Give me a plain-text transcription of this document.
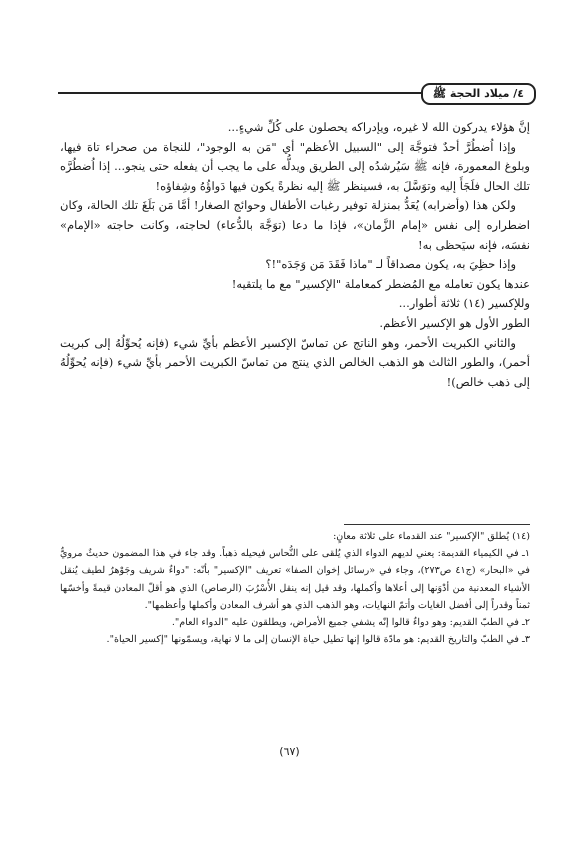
٤/ ميلاد الحجة ﷺ

إنَّ هؤلاء يدركون الله لا غيره، ويإدراكه يحصلون على كُلِّ شيءٍ...

وإذا اُضطُرَّ أحدٌ فتوجَّهَ إلى "السبيل الأعظم" أي "مَن به الوجود"، للنجاة من صحراء تاهَ فيها، وبلوغ المعمورة، فإنه ﷺ سَيُرشدُه إلى الطريق ويدلُّه على ما يجب أن يفعله حتى ينجو... إذا اُضطُرَّه تلك الحال فلَجَأَ إليه وتوَسَّلَ به، فسينظر ﷺ إليه نظرةً يكون فيها دَواؤُهُ وشِفاؤه!

ولكن هذا (وأضرابه) يُعَدُّ بمنزلة توفير رغبات الأطفال وحوائج الصغار! أمَّا مَن بَلَغَ تلك الحالة، وكان اضطراره إلى نفس «إمام الزَّمان»، فإذا ما دعا (توَجَّهَ بالدُّعاء) لحاجته، وكانت حاجته «الإمام» نفسَه، فإنه سيَحظى به!

وإذا حظِيَ به، يكون مصداقاً لـ "ماذا فَقَدَ مَن وَجَدَه"!؟

عندها يكون تعامله مع المُضطر كمعاملة "الإكسير" مع ما يلتقيه!

وللإكسير (١٤) ثلاثة أطوار...

الطور الأول هو الإكسير الأعظم.

والثاني الكبريت الأحمر، وهو الناتج عن تماسّ الإكسير الأعظم بأيِّ شيء (فإنه يُحوِّلُهُ إلى كبريت أحمر)، والطور الثالث هو الذهب الخالص الذي ينتج من تماسّ الكبريت الأحمر بأيِّ شيء (فإنه يُحوِّلُهُ إلى ذهب خالص)!

(١٤) يُطلق "الإكسير" عند القدماء على ثلاثة معانٍ:

١ـ في الكيمياء القديمة: يعني لديهم الدواء الذي يُلقى على النُّحاس فيحيله ذهباً. وقد جاء في هذا المضمون حديثٌ مرويٌّ في «البحار» (ج٤١ ص٢٧٣)، وجاء في «رسائل إخوان الصفا» تعريف "الإكسير" بأنّه: "دواءٌ شريف وجَوْهرٌ لطيف يُنقل الأشياء المعدنية من أدْوَنها إلى أعلاها وأكملها، وقد قيل إنه ينقل الأُسْرُبَ (الرصاص) الذي هو أقلّ المعادن قيمةً وأخسّها ثمناً وقدراً إلى أفضل الغايات وأتمّ النهايات، وهو الذهب الذي هو أشرف المعادن وأكملها وأعظمها".

٢ـ في الطبّ القديم: وهو دواءٌ قالوا إنّه يشفي جميع الأمراض، ويطلقون عليه "الدواء العام".

٣ـ في الطبّ والتاريخ القديم: هو مادّة قالوا إنها تطيل حياة الإنسان إلى ما لا نهاية، ويسمّونها "إكسير الحياة".

(٦٧)
